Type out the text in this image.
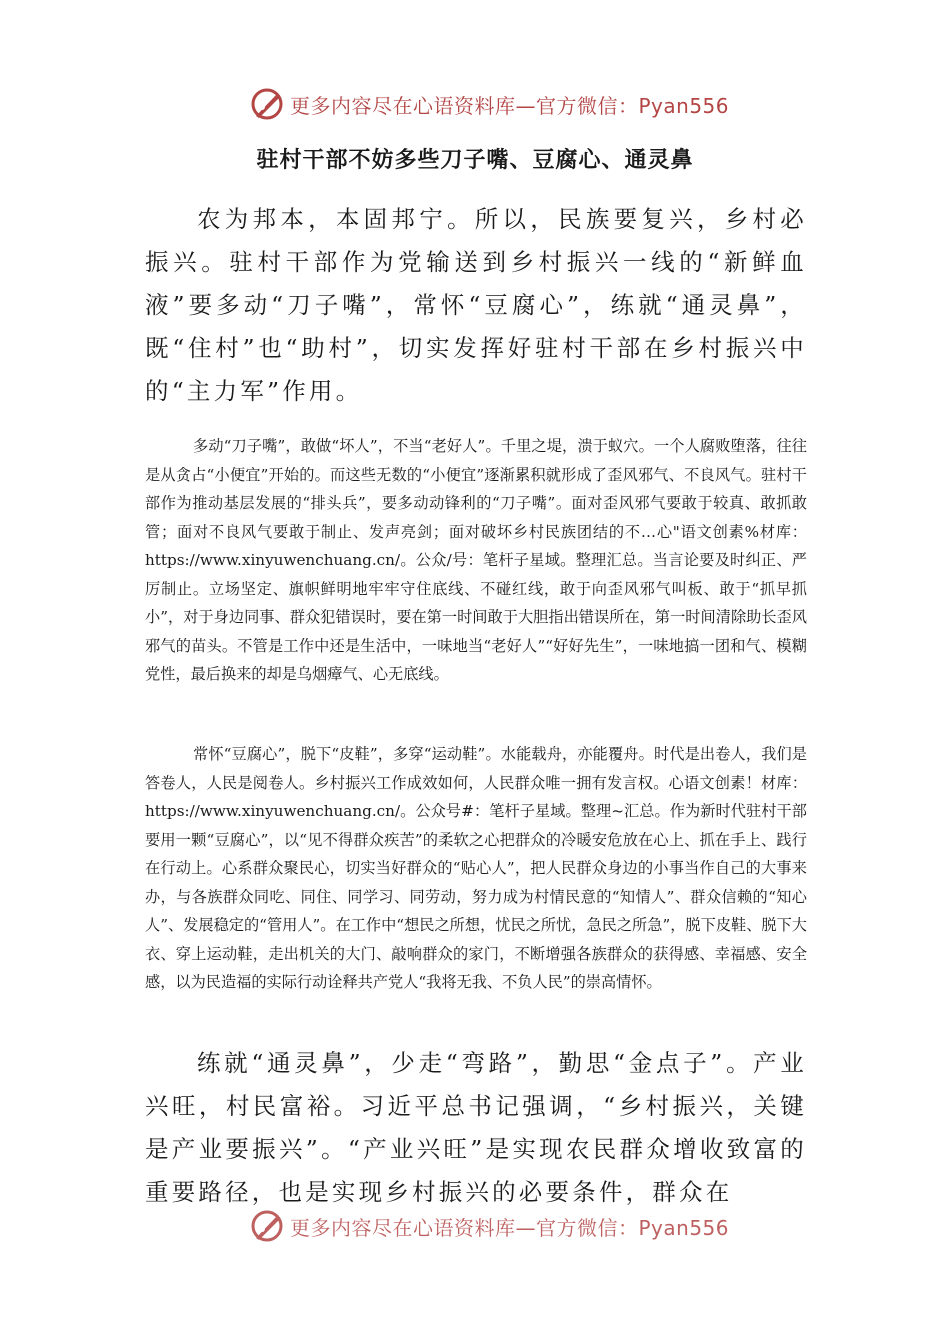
更多内容尽在心语资料库—官方微信：Pyan556
驻村干部不妨多些刀子嘴、豆腐心、通灵鼻

农为邦本，本固邦宁。所以，民族要复兴，乡村必振兴。驻村干部作为党输送到乡村振兴一线的“新鲜血液”要多动“刀子嘴”，常怀“豆腐心”，练就“通灵鼻”，既“住村”也“助村”，切实发挥好驻村干部在乡村振兴中的“主力军”作用。

多动“刀子嘴”，敢做“坏人”，不当“老好人”。千里之堤，溃于蚁穴。一个人腐败堕落，往往是从贪占“小便宜”开始的。而这些无数的“小便宜”逐渐累积就形成了歪风邪气、不良风气。驻村干部作为推动基层发展的“排头兵”，要多动动锋利的“刀子嘴”。面对歪风邪气要敢于较真、敢抓敢管；面对不良风气要敢于制止、发声亮剑；面对破坏乡村民族团结的不…心"语文创素%材库：https://www.xinyuwenchuang.cn/。公众/号：笔杆子星域。整理汇总。当言论要及时纠正、严厉制止。立场坚定、旗帜鲜明地牢牢守住底线、不碰红线，敢于向歪风邪气叫板、敢于“抓早抓小”，对于身边同事、群众犯错误时，要在第一时间敢于大胆指出错误所在，第一时间清除助长歪风邪气的苗头。不管是工作中还是生活中，一味地当“老好人”“好好先生”，一味地搞一团和气、模糊党性，最后换来的却是乌烟瘴气、心无底线。

常怀“豆腐心”，脱下“皮鞋”，多穿“运动鞋”。水能载舟，亦能覆舟。时代是出卷人，我们是答卷人，人民是阅卷人。乡村振兴工作成效如何，人民群众唯一拥有发言权。心语文创素！材库：https://www.xinyuwenchuang.cn/。公众号#：笔杆子星域。整理~汇总。作为新时代驻村干部要用一颗“豆腐心”，以“见不得群众疾苦”的柔软之心把群众的冷暖安危放在心上、抓在手上、践行在行动上。心系群众聚民心，切实当好群众的“贴心人”，把人民群众身边的小事当作自己的大事来办，与各族群众同吃、同住、同学习、同劳动，努力成为村情民意的“知情人”、群众信赖的“知心人”、发展稳定的“管用人”。在工作中“想民之所想，忧民之所忧，急民之所急”，脱下皮鞋、脱下大衣、穿上运动鞋，走出机关的大门、敲响群众的家门，不断增强各族群众的获得感、幸福感、安全感，以为民造福的实际行动诠释共产党人“我将无我、不负人民”的崇高情怀。

练就“通灵鼻”，少走“弯路”，勤思“金点子”。产业兴旺，村民富裕。习近平总书记强调，“乡村振兴，关键是产业要振兴”。“产业兴旺”是实现农民群众增收致富的重要路径，也是实现乡村振兴的必要条件，群众在

更多内容尽在心语资料库—官方微信：Pyan556
